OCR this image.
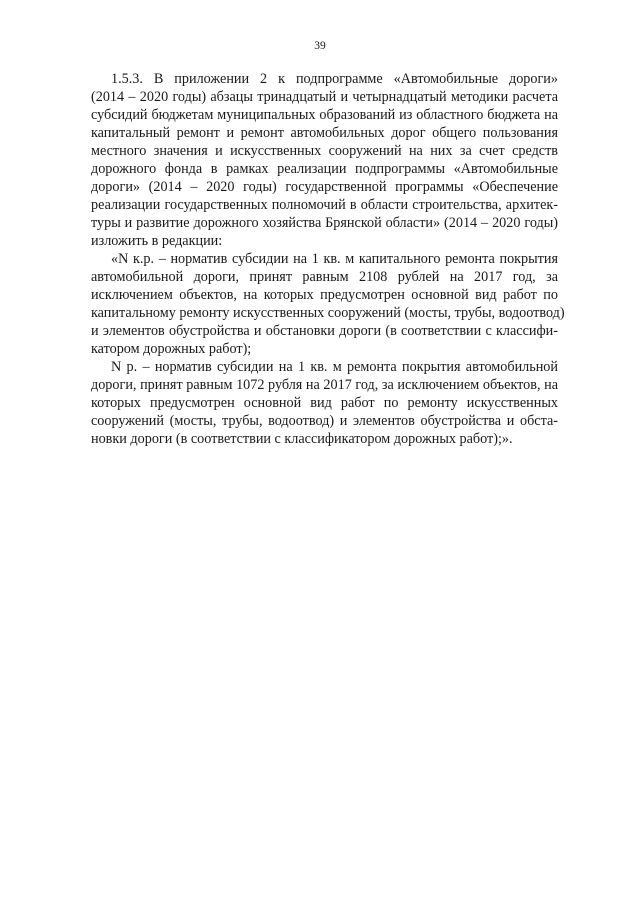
39
1.5.3. В приложении 2 к подпрограмме «Автомобильные дороги»
(2014 – 2020 годы) абзацы тринадцатый и четырнадцатый методики расчета
субсидий бюджетам муниципальных образований из областного бюджета на
капитальный ремонт и ремонт автомобильных дорог общего пользования
местного значения и искусственных сооружений на них за счет средств
дорожного фонда в рамках реализации подпрограммы «Автомобильные
дороги» (2014 – 2020 годы) государственной программы «Обеспечение
реализации государственных полномочий в области строительства, архитек-
туры и развитие дорожного хозяйства Брянской области» (2014 – 2020 годы)
изложить в редакции:
«N к.р. – норматив субсидии на 1 кв. м капитального ремонта покрытия
автомобильной дороги, принят равным 2108 рублей на 2017 год, за
исключением объектов, на которых предусмотрен основной вид работ по
капитальному ремонту искусственных сооружений (мосты, трубы, водоотвод)
и элементов обустройства и обстановки дороги (в соответствии с классифи-
катором дорожных работ);
N р. – норматив субсидии на 1 кв. м ремонта покрытия автомобильной
дороги, принят равным 1072 рубля на 2017 год, за исключением объектов, на
которых предусмотрен основной вид работ по ремонту искусственных
сооружений (мосты, трубы, водоотвод) и элементов обустройства и обста-
новки дороги (в соответствии с классификатором дорожных работ);».
